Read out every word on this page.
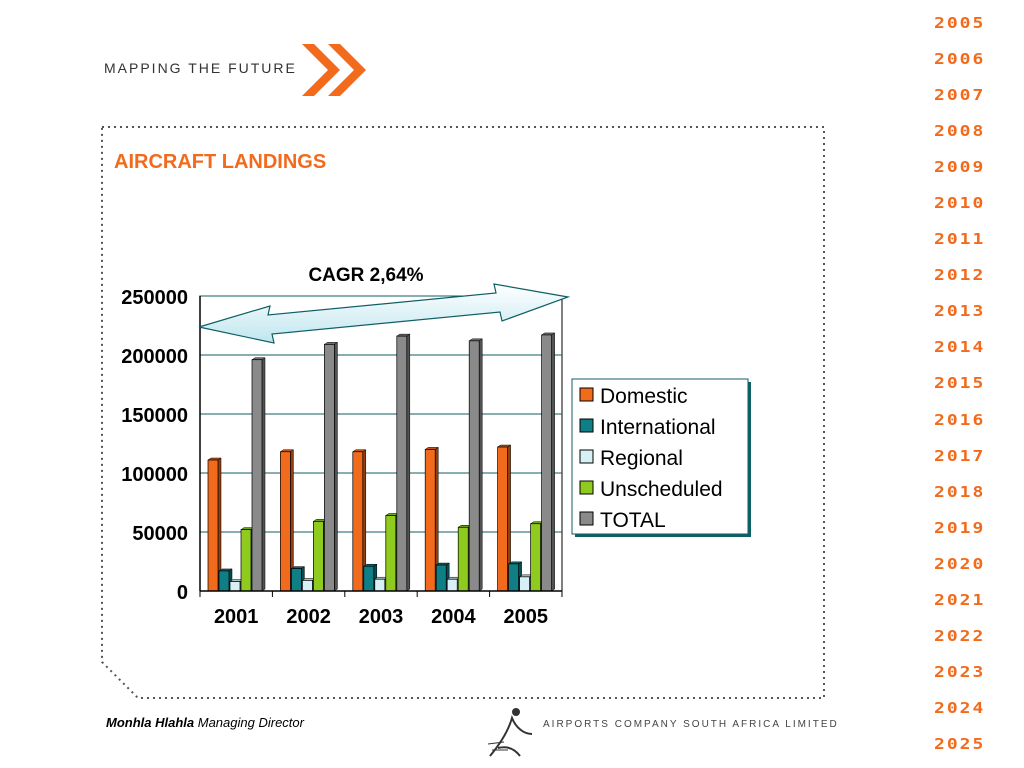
MAPPING THE FUTURE
AIRCRAFT LANDINGS
250000
200000
150000
100000
50000
0
2001 2002 2003 2004 2005
Domestic
International
Regional
Unscheduled
TOTAL
CAGR 2,64%
2005
2006
2007
2008
2009
2010
2011
2012
2013
2014
2015
2016
2017
2018
2019
2020
2021
2022
2023
2024
2025
Monhla Hlahla Managing Director	AIRPORTS COMPANY SOUTH AFRICA LIMITED
